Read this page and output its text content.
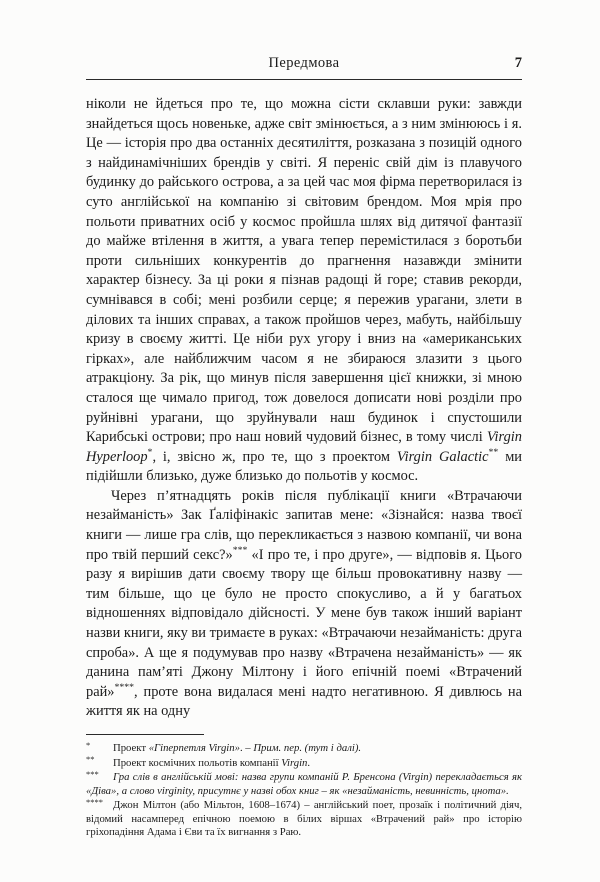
Передмова	7

ніколи не йдеться про те, що можна сісти склавши руки: завжди знайдеться щось новеньке, адже світ змінюється, а з ним змінююсь і я. Це — історія про два останніх десятиліття, розказана з позицій одного з найдинамічніших брендів у світі. Я переніс свій дім із плавучого будинку до райського острова, а за цей час моя фірма перетворилася із суто англійської на компанію зі світовим брендом. Моя мрія про польоти приватних осіб у космос пройшла шлях від дитячої фантазії до майже втілення в життя, а увага тепер перемістилася з боротьби проти сильніших конкурентів до прагнення назавжди змінити характер бізнесу. За ці роки я пізнав радощі й горе; ставив рекорди, сумнівався в собі; мені розбили серце; я пережив урагани, злети в ділових та інших справах, а також пройшов через, мабуть, найбільшу кризу в своєму житті. Це ніби рух угору і вниз на «американських гірках», але найближчим часом я не збираюся злазити з цього атракціону. За рік, що минув після завершення цієї книжки, зі мною сталося ще чимало пригод, тож довелося дописати нові розділи про руйнівні урагани, що зруйнували наш будинок і спустошили Карибські острови; про наш новий чудовий бізнес, в тому числі Virgin Hyperloop*, і, звісно ж, про те, що з проектом Virgin Galactic** ми підійшли близько, дуже близько до польотів у космос.

Через п’ятнадцять років після публікації книги «Втрачаючи незайманість» Зак Ґаліфінакіс запитав мене: «Зізнайся: назва твоєї книги — лише гра слів, що перекликається з назвою компанії, чи вона про твій перший секс?»*** «І про те, і про друге», — відповів я. Цього разу я вирішив дати своєму твору ще більш провокативну назву — тим більше, що це було не просто спокусливо, а й у багатьох відношеннях відповідало дійсності. У мене був також інший варіант назви книги, яку ви тримаєте в руках: «Втрачаючи незайманість: друга спроба». А ще я подумував про назву «Втрачена незайманість» — як данина пам’яті Джону Мілтону і його епічній поемі «Втрачений рай»****, проте вона видалася мені надто негативною. Я дивлюсь на життя як на одну

* Проект «Гіперпетля Virgin». – Прим. пер. (тут і далі).

** Проект космічних польотів компанії Virgin.

*** Гра слів в англійській мові: назва групи компаній Р. Бренсона (Virgin) перекладається як «Діва», а слово virginity, присутнє у назві обох книг – як «незайманість, невинність, цнота».

**** Джон Мілтон (або Мільтон, 1608–1674) – англійський поет, прозаїк і політичний діяч, відомий насамперед епічною поемою в білих віршах «Втрачений рай» про історію гріхопадіння Адама і Єви та їх вигнання з Раю.
